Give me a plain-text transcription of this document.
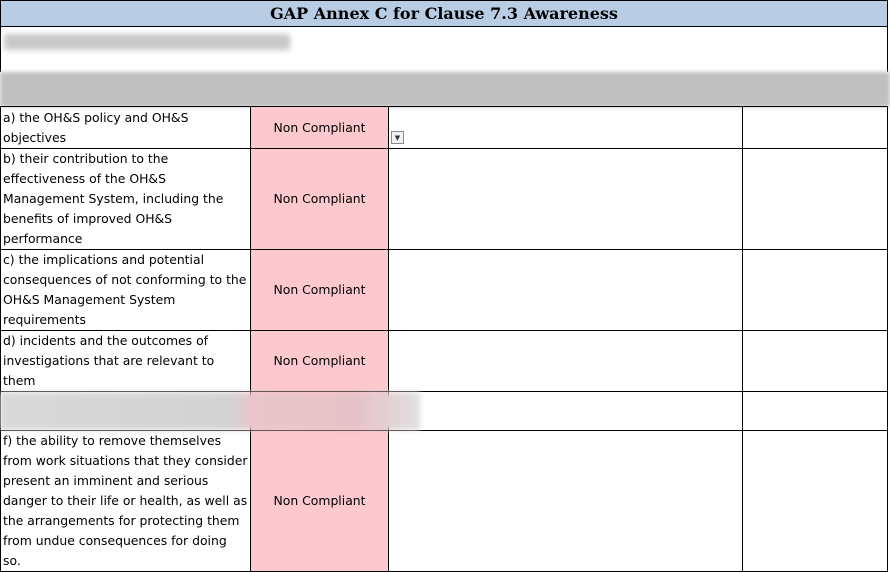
GAP Annex C for Clause 7.3 Awareness
a) the OH&S policy and OH&S objectives	Non Compliant	▼	

b) their contribution to the effectiveness of the OH&S Management System, including the benefits of improved OH&S performance	Non Compliant		
c) the implications and potential consequences of not conforming to the OH&S Management System requirements	Non Compliant		
d) incidents and the outcomes of investigations that are relevant to them	Non Compliant		

f) the ability to remove themselves from work situations that they consider present an imminent and serious danger to their life or health, as well as the arrangements for protecting them from undue consequences for doing so.	Non Compliant		
